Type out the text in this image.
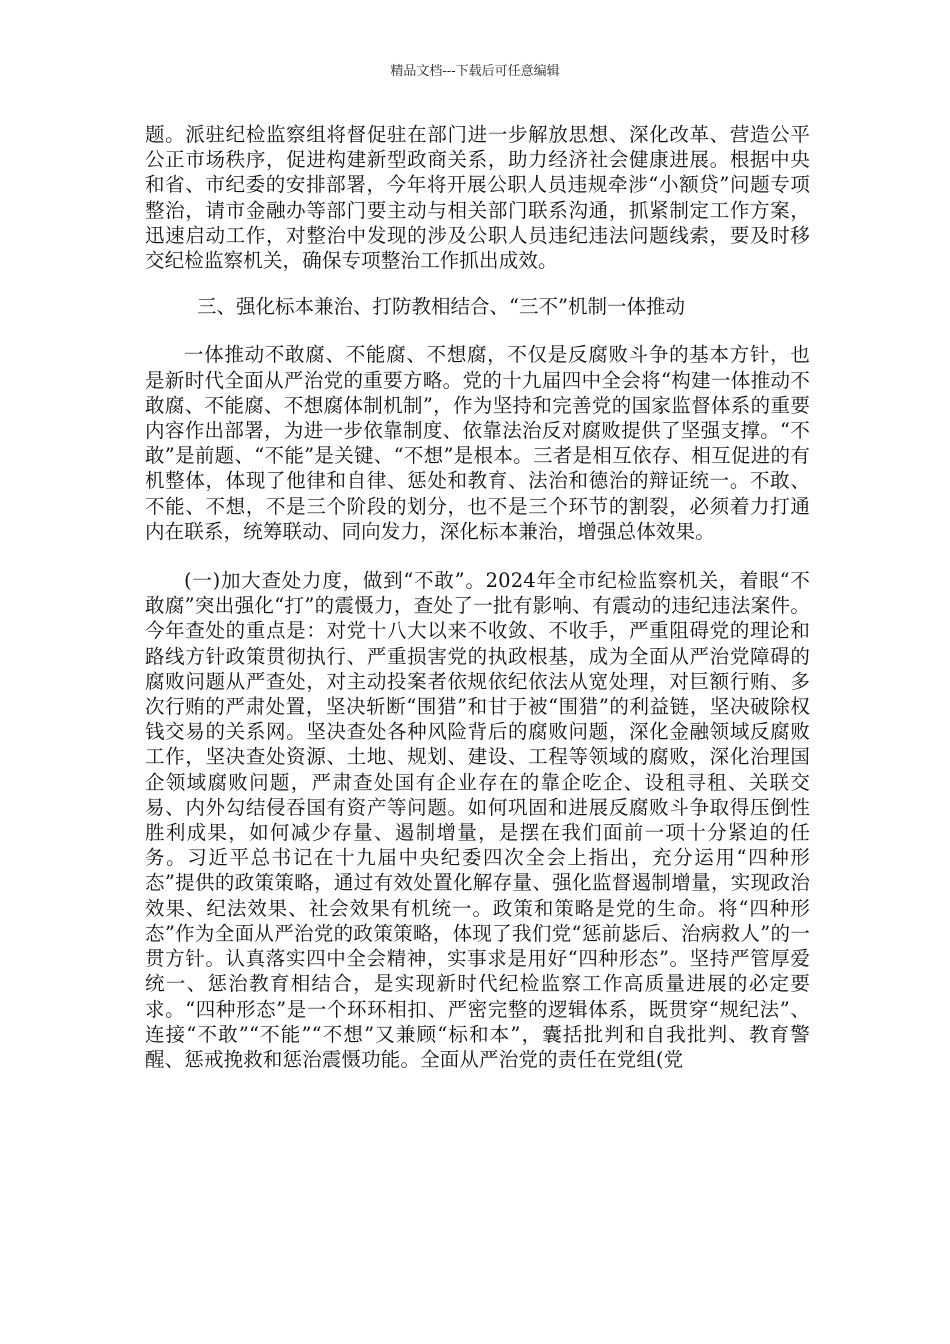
精品文档---下载后可任意编辑

题。派驻纪检监察组将督促驻在部门进一步解放思想、深化改革、营造公平公正市场秩序，促进构建新型政商关系，助力经济社会健康进展。根据中央和省、市纪委的安排部署，今年将开展公职人员违规牵涉“小额贷”问题专项整治，请市金融办等部门要主动与相关部门联系沟通，抓紧制定工作方案，迅速启动工作，对整治中发现的涉及公职人员违纪违法问题线索，要及时移交纪检监察机关，确保专项整治工作抓出成效。

三、强化标本兼治、打防教相结合、“三不”机制一体推动

一体推动不敢腐、不能腐、不想腐，不仅是反腐败斗争的基本方针，也是新时代全面从严治党的重要方略。党的十九届四中全会将“构建一体推动不敢腐、不能腐、不想腐体制机制”，作为坚持和完善党的国家监督体系的重要内容作出部署，为进一步依靠制度、依靠法治反对腐败提供了坚强支撑。“不敢”是前题、“不能”是关键、“不想”是根本。三者是相互依存、相互促进的有机整体，体现了他律和自律、惩处和教育、法治和德治的辩证统一。不敢、不能、不想，不是三个阶段的划分，也不是三个环节的割裂，必须着力打通内在联系，统筹联动、同向发力，深化标本兼治，增强总体效果。

(一)加大查处力度，做到“不敢”。2024年全市纪检监察机关，着眼“不敢腐”突出强化“打”的震慑力，查处了一批有影响、有震动的违纪违法案件。今年查处的重点是：对党十八大以来不收敛、不收手，严重阻碍党的理论和路线方针政策贯彻执行、严重损害党的执政根基，成为全面从严治党障碍的腐败问题从严查处，对主动投案者依规依纪依法从宽处理，对巨额行贿、多次行贿的严肃处置，坚决斩断“围猎”和甘于被“围猎”的利益链，坚决破除权钱交易的关系网。坚决查处各种风险背后的腐败问题，深化金融领域反腐败工作，坚决查处资源、土地、规划、建设、工程等领域的腐败，深化治理国企领域腐败问题，严肃查处国有企业存在的靠企吃企、设租寻租、关联交易、内外勾结侵吞国有资产等问题。如何巩固和进展反腐败斗争取得压倒性胜利成果，如何减少存量、遏制增量，是摆在我们面前一项十分紧迫的任务。习近平总书记在十九届中央纪委四次全会上指出，充分运用“四种形态”提供的政策策略，通过有效处置化解存量、强化监督遏制增量，实现政治效果、纪法效果、社会效果有机统一。政策和策略是党的生命。将“四种形态”作为全面从严治党的政策策略，体现了我们党“惩前毖后、治病救人”的一贯方针。认真落实四中全会精神，实事求是用好“四种形态”。坚持严管厚爱统一、惩治教育相结合，是实现新时代纪检监察工作高质量进展的必定要求。“四种形态”是一个环环相扣、严密完整的逻辑体系，既贯穿“规纪法”、连接“不敢”“不能”“不想”又兼顾“标和本”，囊括批判和自我批判、教育警醒、惩戒挽救和惩治震慑功能。全面从严治党的责任在党组(党
